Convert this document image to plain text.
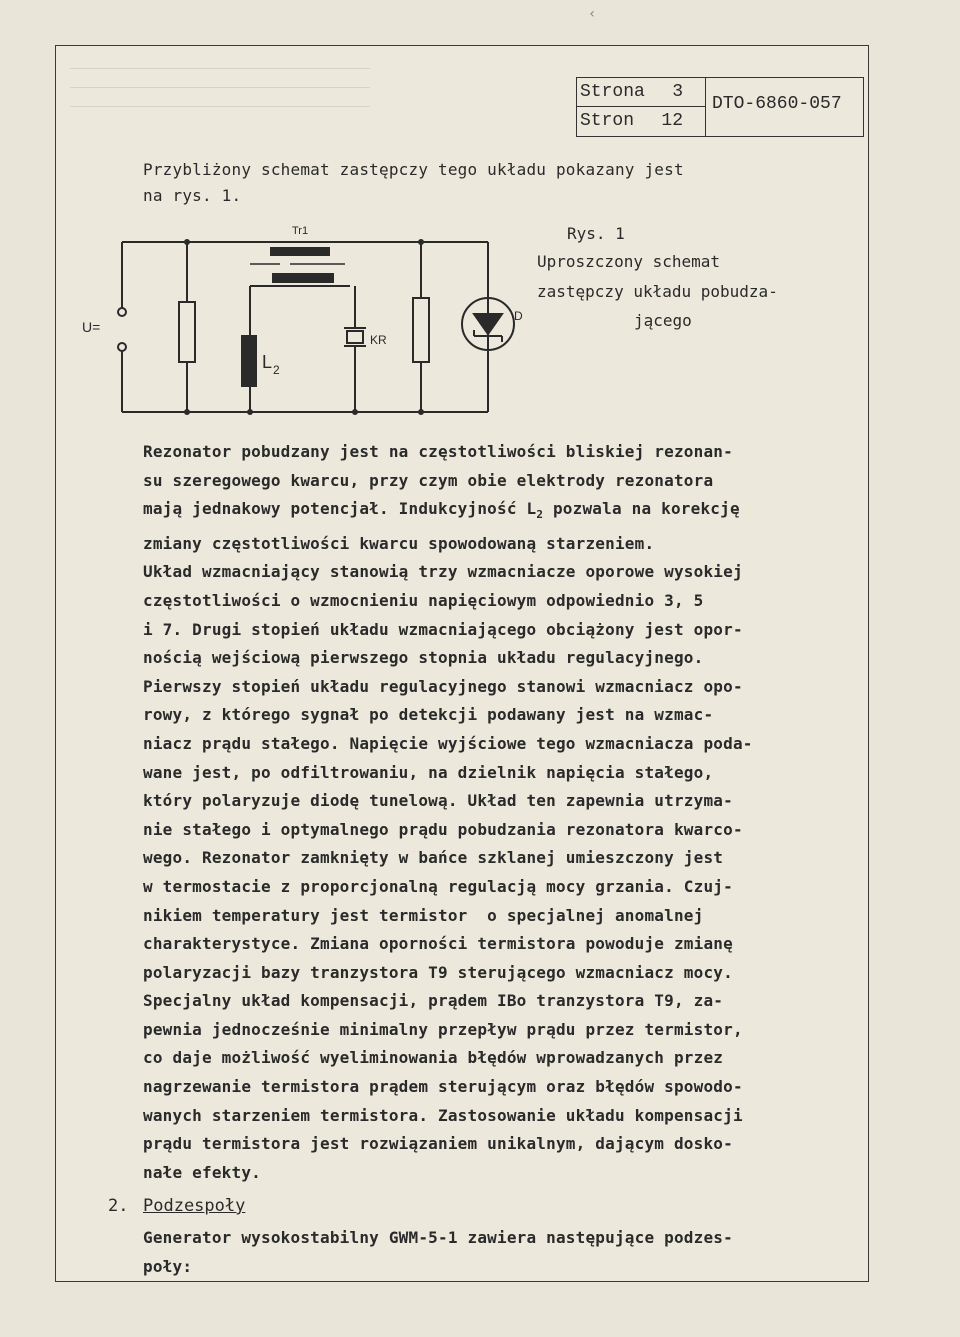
‹
Strona 3
Stron 12
DTO-6860-057
Przybliżony schemat zastępczy tego układu pokazany jest
na rys. 1.
U=
Tr1
L 2
KR
D
Rys. 1
Uproszczony schemat
zastępczy układu pobudza-
jącego
Rezonator pobudzany jest na częstotliwości bliskiej rezonan-
su szeregowego kwarcu, przy czym obie elektrody rezonatora
mają jednakowy potencjał. Indukcyjność $L_2$ pozwala na korekcję
zmiany częstotliwości kwarcu spowodowaną starzeniem.
Układ wzmacniający stanowią trzy wzmacniacze oporowe wysokiej
częstotliwości o wzmocnieniu napięciowym odpowiednio 3, 5
i 7. Drugi stopień układu wzmacniającego obciążony jest opor-
nością wejściową pierwszego stopnia układu regulacyjnego.
Pierwszy stopień układu regulacyjnego stanowi wzmacniacz opo-
rowy, z którego sygnał po detekcji podawany jest na wzmac-
niacz prądu stałego. Napięcie wyjściowe tego wzmacniacza poda-
wane jest, po odfiltrowaniu, na dzielnik napięcia stałego,
który polaryzuje diodę tunelową. Układ ten zapewnia utrzyma-
nie stałego i optymalnego prądu pobudzania rezonatora kwarco-
wego. Rezonator zamknięty w bańce szklanej umieszczony jest
w termostacie z proporcjonalną regulacją mocy grzania. Czuj-
nikiem temperatury jest termistor  o specjalnej anomalnej
charakterystyce. Zmiana oporności termistora powoduje zmianę
polaryzacji bazy tranzystora T9 sterującego wzmacniacz mocy.
Specjalny układ kompensacji, prądem IBo tranzystora T9, za-
pewnia jednocześnie minimalny przepływ prądu przez termistor,
co daje możliwość wyeliminowania błędów wprowadzanych przez
nagrzewanie termistora prądem sterującym oraz błędów spowodo-
wanych starzeniem termistora. Zastosowanie układu kompensacji
prądu termistora jest rozwiązaniem unikalnym, dającym dosko-
nałe efekty.
2. Podzespoły
Generator wysokostabilny GWM-5-1 zawiera następujące podzes-
poły:
